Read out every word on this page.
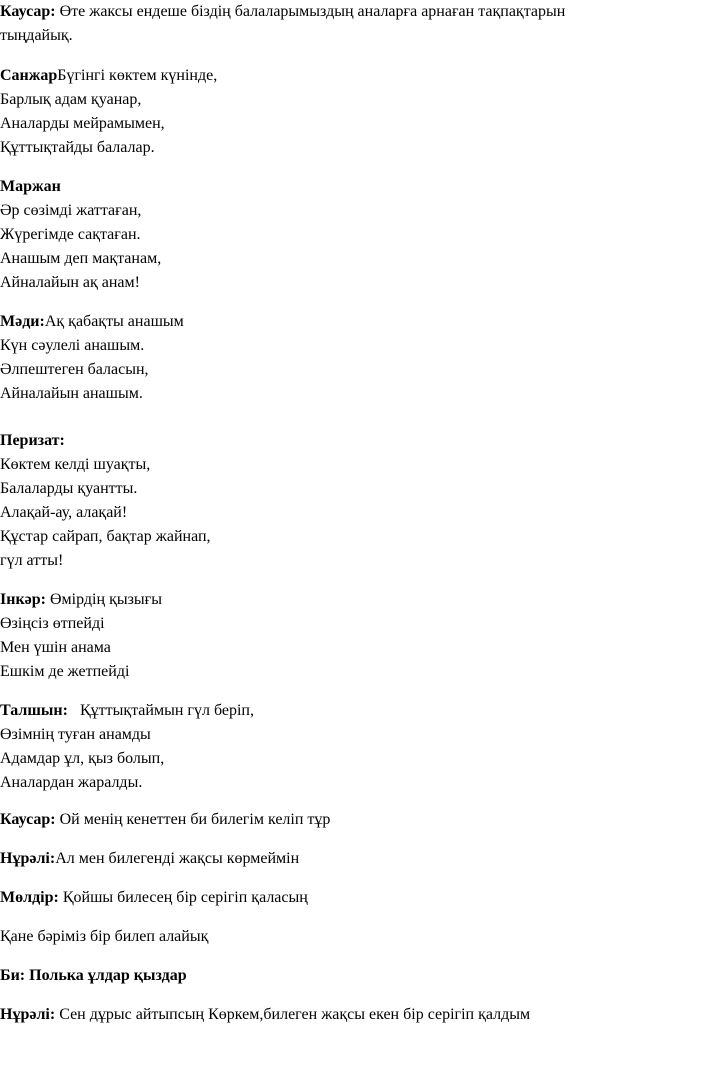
Каусар: Өте жаксы ендеше біздің балаларымыздың аналарға арнаған тақпақтарын
тыңдайық.
СанжарБүгінгі көктем күнінде,
Барлық адам қуанар,
Аналарды мейрамымен,
Құттықтайды балалар.
Маржан
Әр сөзімді жаттаған,
Жүрегімде сақтаған.
Анашым деп мақтанам,
Айналайын ақ анам!
Мәди:Ақ қабақты анашым
Күн сәулелі анашым.
Әлпештеген баласын,
Айналайын анашым.
Перизат:
Көктем келді шуақты,
Балаларды қуантты.
Алақай-ау, алақай!
Құстар сайрап, бақтар жайнап,
гүл атты!
Інкәр: Өмірдің қызығы
Өзіңсіз өтпейді
Мен үшін анама
Ешкім де жетпейді
Талшын:   Құттықтаймын гүл беріп,
Өзімнің туған анамды
Адамдар ұл, қыз болып,
Аналардан жаралды.
Каусар: Ой менің кенеттен би билегім келіп тұр
Нұрәлі:Ал мен билегенді жақсы көрмеймін
Мөлдір: Қойшы билесең бір серігіп қаласың
Қане бәріміз бір билеп алайық
Би: Полька ұлдар қыздар
Нұрәлі: Сен дұрыс айтыпсың Көркем,билеген жақсы екен бір серігіп қалдым
